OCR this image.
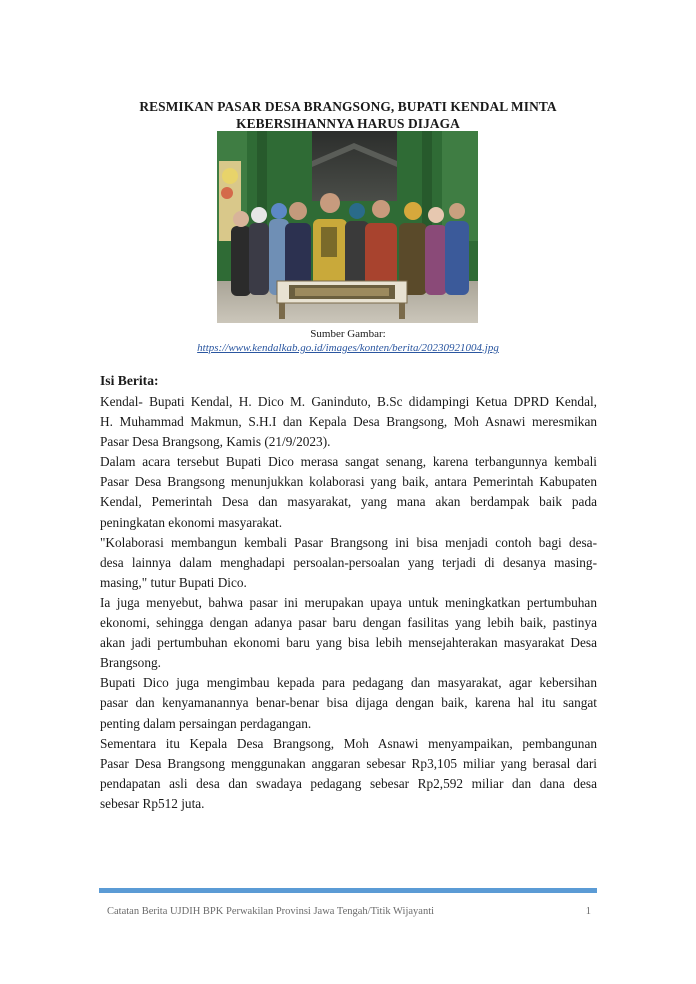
RESMIKAN PASAR DESA BRANGSONG, BUPATI KENDAL MINTA
KEBERSIHANNYA HARUS DIJAGA
Sumber Gambar:
https://www.kendalkab.go.id/images/konten/berita/20230921004.jpg
Isi Berita:
Kendal- Bupati Kendal, H. Dico M. Ganinduto, B.Sc didampingi Ketua DPRD Kendal,
H. Muhammad Makmun, S.H.I dan Kepala Desa Brangsong, Moh Asnawi meresmikan
Pasar Desa Brangsong, Kamis (21/9/2023).
Dalam acara tersebut Bupati Dico merasa sangat senang, karena terbangunnya kembali
Pasar Desa Brangsong menunjukkan kolaborasi yang baik, antara Pemerintah Kabupaten
Kendal, Pemerintah Desa dan masyarakat, yang mana akan berdampak baik pada
peningkatan ekonomi masyarakat.
"Kolaborasi membangun kembali Pasar Brangsong ini bisa menjadi contoh bagi desa-
desa lainnya dalam menghadapi persoalan-persoalan yang terjadi di desanya masing-
masing," tutur Bupati Dico.
Ia juga menyebut, bahwa pasar ini merupakan upaya untuk meningkatkan pertumbuhan
ekonomi, sehingga dengan adanya pasar baru dengan fasilitas yang lebih baik, pastinya
akan jadi pertumbuhan ekonomi baru yang bisa lebih mensejahterakan masyarakat Desa
Brangsong.
Bupati Dico juga mengimbau kepada para pedagang dan masyarakat, agar kebersihan
pasar dan kenyamanannya benar-benar bisa dijaga dengan baik, karena hal itu sangat
penting dalam persaingan perdagangan.
Sementara itu Kepala Desa Brangsong, Moh Asnawi menyampaikan, pembangunan
Pasar Desa Brangsong menggunakan anggaran sebesar Rp3,105 miliar yang berasal dari
pendapatan asli desa dan swadaya pedagang sebesar Rp2,592 miliar dan dana desa
sebesar Rp512 juta.
Catatan Berita UJDIH BPK Perwakilan Provinsi Jawa Tengah/Titik Wijayanti	1
